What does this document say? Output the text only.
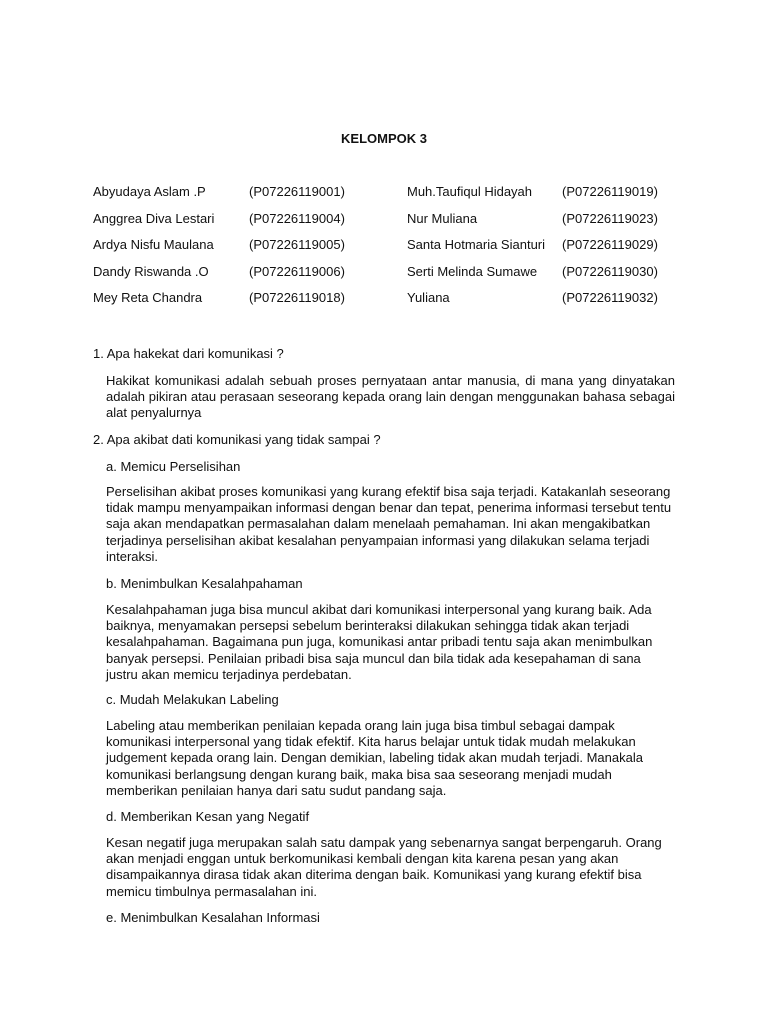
KELOMPOK 3
Abyudaya Aslam .P	(P07226119001)	Muh.Taufiqul Hidayah (P07226119019)
Anggrea Diva Lestari	(P07226119004)	Nur Muliana	(P07226119023)
Ardya Nisfu Maulana	(P07226119005)	Santa Hotmaria Sianturi (P07226119029)
Dandy Riswanda .O	(P07226119006)	Serti Melinda Sumawe (P07226119030)
Mey Reta Chandra	(P07226119018)	Yuliana	(P07226119032)
1. Apa hakekat dari komunikasi ?
Hakikat komunikasi adalah sebuah proses pernyataan antar manusia, di mana yang dinyatakan adalah pikiran atau perasaan seseorang kepada orang lain dengan menggunakan bahasa sebagai alat penyalurnya
2. Apa akibat dati komunikasi yang tidak sampai ?
a. Memicu Perselisihan
Perselisihan akibat proses komunikasi yang kurang efektif bisa saja terjadi. Katakanlah seseorang tidak mampu menyampaikan informasi dengan benar dan tepat, penerima informasi tersebut tentu saja akan mendapatkan permasalahan dalam menelaah pemahaman. Ini akan mengakibatkan terjadinya perselisihan akibat kesalahan penyampaian informasi yang dilakukan selama terjadi interaksi.
b. Menimbulkan Kesalahpahaman
Kesalahpahaman juga bisa muncul akibat dari komunikasi interpersonal yang kurang baik. Ada baiknya, menyamakan persepsi sebelum berinteraksi dilakukan sehingga tidak akan terjadi kesalahpahaman. Bagaimana pun juga, komunikasi antar pribadi tentu saja akan menimbulkan banyak persepsi. Penilaian pribadi bisa saja muncul dan bila tidak ada kesepahaman di sana justru akan memicu terjadinya perdebatan.
c. Mudah Melakukan Labeling
Labeling atau memberikan penilaian kepada orang lain juga bisa timbul sebagai dampak komunikasi interpersonal yang tidak efektif. Kita harus belajar untuk tidak mudah melakukan judgement kepada orang lain. Dengan demikian, labeling tidak akan mudah terjadi. Manakala komunikasi berlangsung dengan kurang baik, maka bisa saa seseorang menjadi mudah memberikan penilaian hanya dari satu sudut pandang saja.
d. Memberikan Kesan yang Negatif
Kesan negatif juga merupakan salah satu dampak yang sebenarnya sangat berpengaruh. Orang akan menjadi enggan untuk berkomunikasi kembali dengan kita karena pesan yang akan disampaikannya dirasa tidak akan diterima dengan baik. Komunikasi yang kurang efektif bisa memicu timbulnya permasalahan ini.
e. Menimbulkan Kesalahan Informasi
